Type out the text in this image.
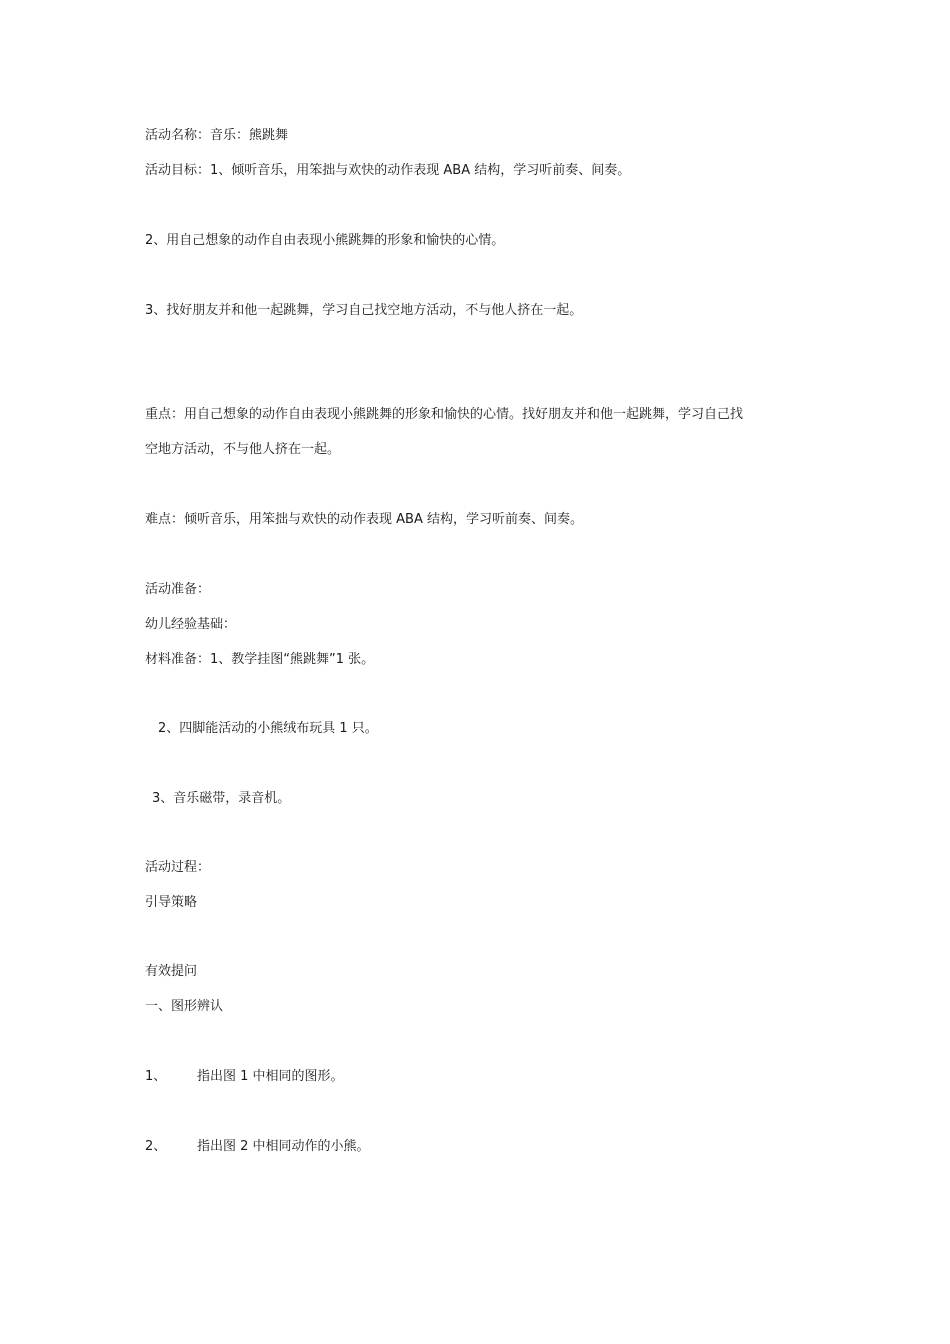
活动名称：音乐：熊跳舞
活动目标：1、倾听音乐，用笨拙与欢快的动作表现 ABA 结构，学习听前奏、间奏。
2、用自己想象的动作自由表现小熊跳舞的形象和愉快的心情。
3、找好朋友并和他一起跳舞，学习自己找空地方活动，不与他人挤在一起。
重点：用自己想象的动作自由表现小熊跳舞的形象和愉快的心情。找好朋友并和他一起跳舞，学习自己找
空地方活动，不与他人挤在一起。
难点：倾听音乐，用笨拙与欢快的动作表现 ABA 结构，学习听前奏、间奏。
活动准备：
幼儿经验基础：
材料准备：1、教学挂图“熊跳舞”1 张。
2、四脚能活动的小熊绒布玩具 1 只。
3、音乐磁带，录音机。
活动过程：
引导策略
有效提问
一、图形辨认
1、 指出图 1 中相同的图形。
2、 指出图 2 中相同动作的小熊。
